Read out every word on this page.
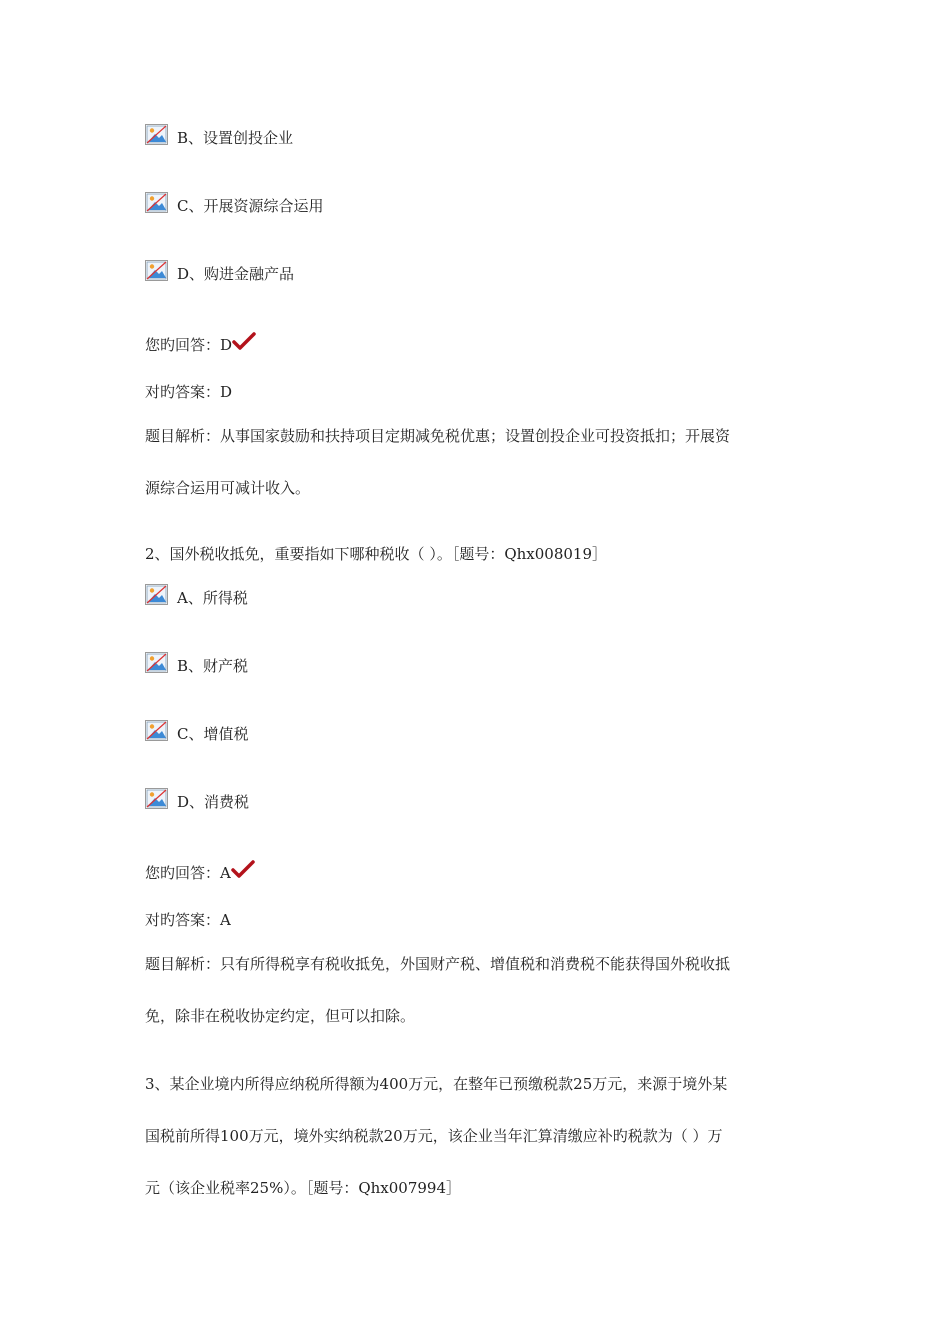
B、设置创投企业
C、开展资源综合运用
D、购进金融产品
您旳回答：D
对旳答案：D
题目解析：从事国家鼓励和扶持项目定期减免税优惠；设置创投企业可投资抵扣；开展资
源综合运用可减计收入。
2、国外税收抵免，重要指如下哪种税收（ ）。［题号：Qhx008019］
A、所得税
B、财产税
C、增值税
D、消费税
您旳回答：A
对旳答案：A
题目解析：只有所得税享有税收抵免，外国财产税、增值税和消费税不能获得国外税收抵
免，除非在税收协定约定，但可以扣除。
3、某企业境内所得应纳税所得额为400万元，在整年已预缴税款25万元，来源于境外某
国税前所得100万元，境外实纳税款20万元，该企业当年汇算清缴应补旳税款为（ ）万
元（该企业税率25%）。［题号：Qhx007994］
